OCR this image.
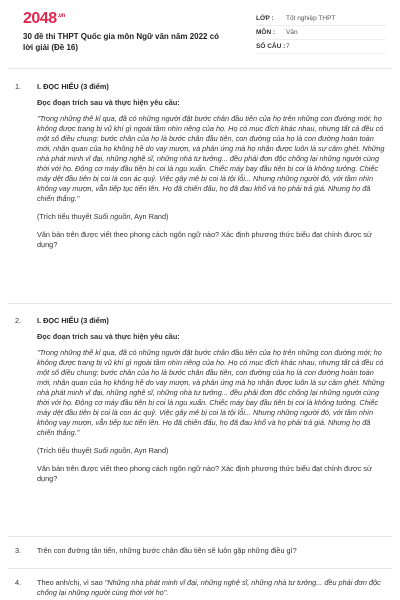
$2048^{.vn}$
30 đề thi THPT Quốc gia môn Ngữ văn năm 2022 có lời giải (Đề 16)
LỚP :	Tốt nghiệp THPT
MÔN :	Văn
SỐ CÂU : 7
1. I. ĐỌC HIỂU (3 điểm)
Đọc đoạn trích sau và thực hiện yêu cầu:
"Trong những thế kỉ qua, đã có những người đặt bước chân đầu tiên của họ trên những con đường mới; họ không được trang bị vũ khí gì ngoài tầm nhìn riêng của họ. Họ có mục đích khác nhau, nhưng tất cả đều có một số điều chung: bước chân của họ là bước chân đầu tiên, con đường của họ là con đường hoàn toàn mới, nhận quan của họ không hề do vay mượn, và phản ứng mà họ nhận được luôn là sự căm ghét. Những nhà phát minh vĩ đại, những nghệ sĩ, những nhà tư tưởng... đều phải đơn độc chống lại những người cùng thời với họ. Động cơ máy đầu tiên bị coi là ngu xuẩn. Chiếc máy bay đầu tiên bị coi là không tưởng. Chiếc máy dệt đầu tiên bị coi là con ác quỷ. Việc gây mê bị coi là tội lỗi... Nhưng những người đó, với tầm nhìn không vay mượn, vẫn tiếp tục tiến lên. Họ đã chiến đấu, họ đã đau khổ và họ phải trả giá. Nhưng họ đã chiến thắng."
(Trích tiểu thuyết Suối nguồn, Ayn Rand)
Văn bản trên được viết theo phong cách ngôn ngữ nào? Xác định phương thức biểu đạt chính được sử dụng?
2. I. ĐỌC HIỂU (3 điểm)
Đọc đoạn trích sau và thực hiện yêu cầu:
"Trong những thế kỉ qua, đã có những người đặt bước chân đầu tiên của họ trên những con đường mới; họ không được trang bị vũ khí gì ngoài tầm nhìn riêng của họ. Họ có mục đích khác nhau, nhưng tất cả đều có một số điều chung: bước chân của họ là bước chân đầu tiên, con đường của họ là con đường hoàn toàn mới, nhận quan của họ không hề do vay mượn, và phản ứng mà họ nhận được luôn là sự căm ghét. Những nhà phát minh vĩ đại, những nghệ sĩ, những nhà tư tưởng... đều phải đơn độc chống lại những người cùng thời với họ. Động cơ máy đầu tiên bị coi là ngu xuẩn. Chiếc máy bay đầu tiên bị coi là không tưởng. Chiếc máy dệt đầu tiên bị coi là con ác quỷ. Việc gây mê bị coi là tội lỗi... Nhưng những người đó, với tầm nhìn không vay mượn, vẫn tiếp tục tiến lên. Họ đã chiến đấu, họ đã đau khổ và họ phải trả giá. Nhưng họ đã chiến thắng."
(Trích tiểu thuyết Suối nguồn, Ayn Rand)
Văn bản trên được viết theo phong cách ngôn ngữ nào? Xác định phương thức biểu đạt chính được sử dụng?
3. Trên con đường tân tiến, những bước chân đầu tiên sẽ luôn gặp những điều gì?
4. Theo anh/chị, vì sao "Những nhà phát minh vĩ đại, những nghệ sĩ, những nhà tư tưởng... đều phải đơn độc chống lại những người cùng thời với họ".
